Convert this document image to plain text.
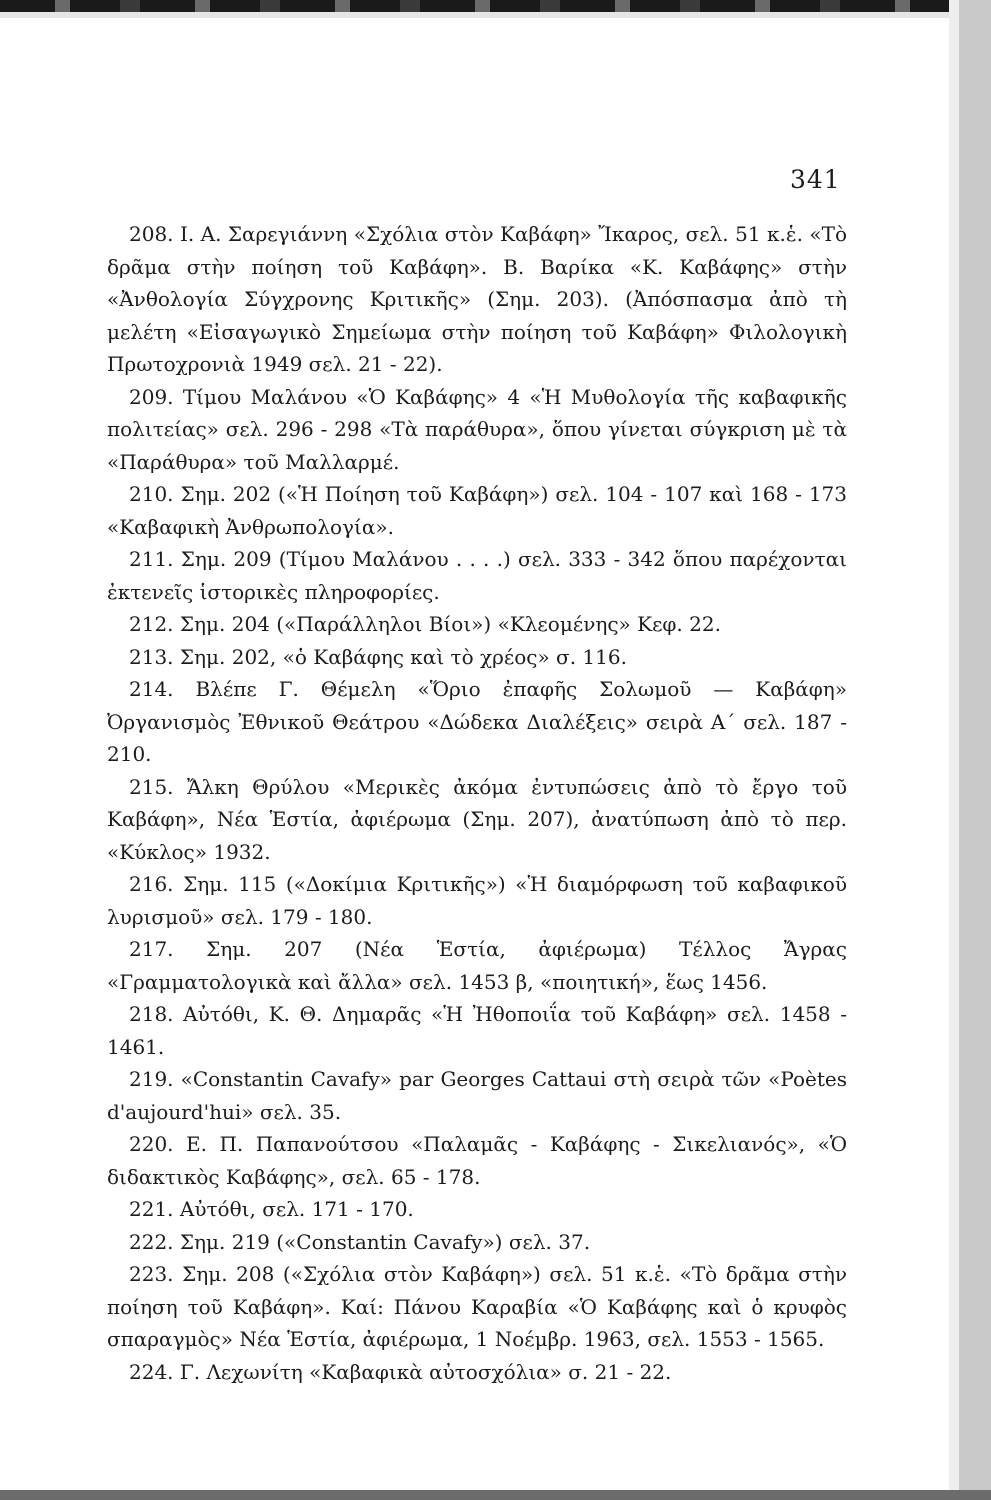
341

208. Ι. Α. Σαρεγιάννη «Σχόλια στὸν Καβάφη» Ἴκαρος, σελ. 51 κ.ἑ. «Τὸ δρᾶμα στὴν ποίηση τοῦ Καβάφη». Β. Βαρίκα «Κ. Καβάφης» στὴν «Ἀνθολογία Σύγχρονης Κριτικῆς» (Σημ. 203). (Ἀπόσπασμα ἀπὸ τὴ μελέτη «Εἰσαγωγικὸ Σημείωμα στὴν ποίηση τοῦ Καβάφη» Φιλολογικὴ Πρωτοχρονιὰ 1949 σελ. 21 - 22).

209. Τίμου Μαλάνου «Ὁ Καβάφης» 4 «Ἡ Μυθολογία τῆς καβαφικῆς πολιτείας» σελ. 296 - 298 «Τὰ παράθυρα», ὅπου γίνεται σύγκριση μὲ τὰ «Παράθυρα» τοῦ Μαλλαρμέ.

210. Σημ. 202 («Ἡ Ποίηση τοῦ Καβάφη») σελ. 104 - 107 καὶ 168 - 173 «Καβαφικὴ Ἀνθρωπολογία».

211. Σημ. 209 (Τίμου Μαλάνου . . . .) σελ. 333 - 342 ὅπου παρέχονται ἐκτενεῖς ἱστορικὲς πληροφορίες.

212. Σημ. 204 («Παράλληλοι Βίοι») «Κλεομένης» Κεφ. 22.

213. Σημ. 202, «ὁ Καβάφης καὶ τὸ χρέος» σ. 116.

214. Βλέπε Γ. Θέμελη «Ὅριο ἐπαφῆς Σολωμοῦ — Καβάφη» Ὀργανισμὸς Ἐθνικοῦ Θεάτρου «Δώδεκα Διαλέξεις» σειρὰ Α΄ σελ. 187 - 210.

215. Ἄλκη Θρύλου «Μερικὲς ἀκόμα ἐντυπώσεις ἀπὸ τὸ ἔργο τοῦ Καβάφη», Νέα Ἑστία, ἀφιέρωμα (Σημ. 207), ἀνατύπωση ἀπὸ τὸ περ. «Κύκλος» 1932.

216. Σημ. 115 («Δοκίμια Κριτικῆς») «Ἡ διαμόρφωση τοῦ καβαφικοῦ λυρισμοῦ» σελ. 179 - 180.

217. Σημ. 207 (Νέα Ἑστία, ἀφιέρωμα) Τέλλος Ἄγρας «Γραμματολογικὰ καὶ ἄλλα» σελ. 1453 β, «ποιητική», ἕως 1456.

218. Αὐτόθι, Κ. Θ. Δημαρᾶς «Ἡ Ἠθοποιΐα τοῦ Καβάφη» σελ. 1458 - 1461.

219. «Constantin Cavafy» par Georges Cattaui στὴ σειρὰ τῶν «Poètes d'aujourd'hui» σελ. 35.

220. Ε. Π. Παπανούτσου «Παλαμᾶς - Καβάφης - Σικελιανός», «Ὁ διδακτικὸς Καβάφης», σελ. 65 - 178.

221. Αὐτόθι, σελ. 171 - 170.

222. Σημ. 219 («Constantin Cavafy») σελ. 37.

223. Σημ. 208 («Σχόλια στὸν Καβάφη») σελ. 51 κ.ἑ. «Τὸ δρᾶμα στὴν ποίηση τοῦ Καβάφη». Καί: Πάνου Καραβία «Ὁ Καβάφης καὶ ὁ κρυφὸς σπαραγμὸς» Νέα Ἑστία, ἀφιέρωμα, 1 Νοέμβρ. 1963, σελ. 1553 - 1565.

224. Γ. Λεχωνίτη «Καβαφικὰ αὐτοσχόλια» σ. 21 - 22.
